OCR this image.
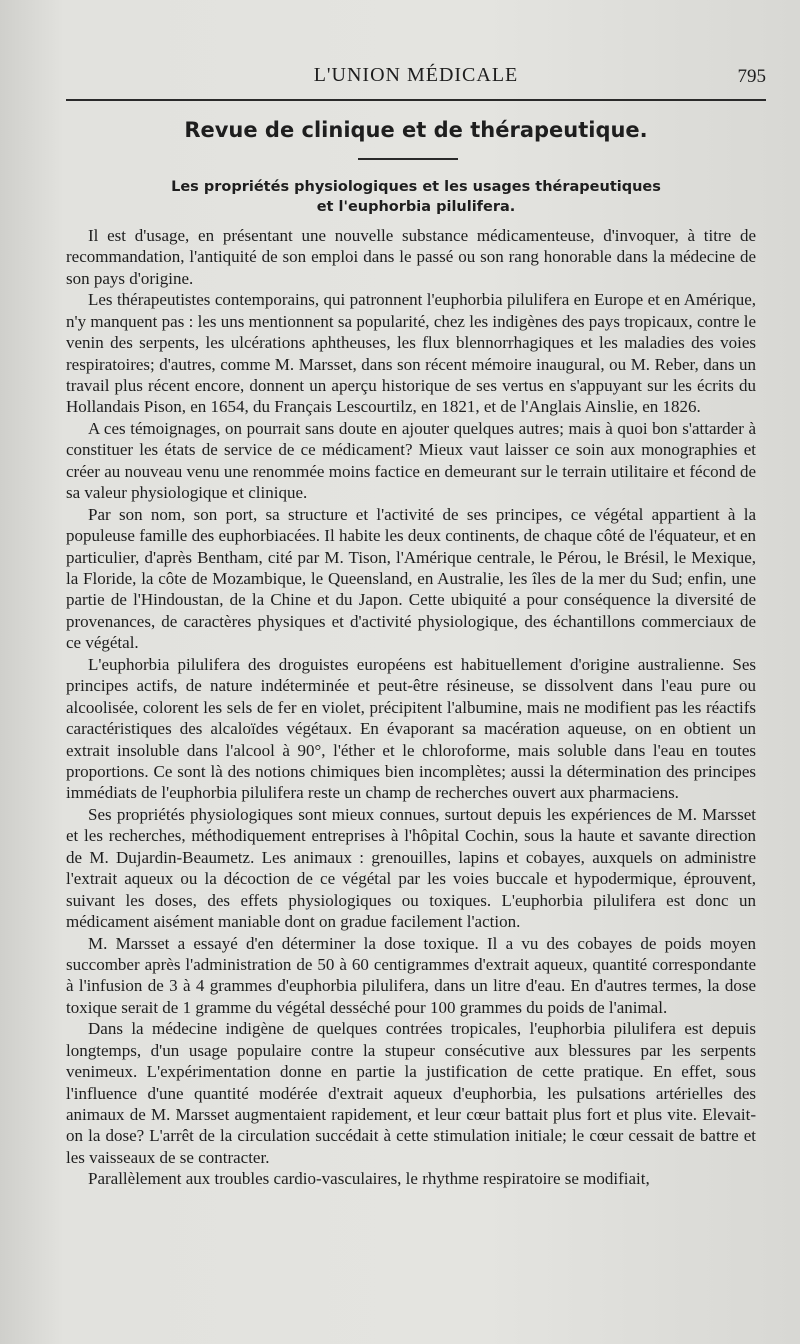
L'UNION MÉDICALE	795
Revue de clinique et de thérapeutique.
Les propriétés physiologiques et les usages thérapeutiques
et l'euphorbia pilulifera.

Il est d'usage, en présentant une nouvelle substance médicamenteuse, d'invoquer, à titre de recommandation, l'antiquité de son emploi dans le passé ou son rang honorable dans la médecine de son pays d'origine.

Les thérapeutistes contemporains, qui patronnent l'euphorbia pilulifera en Europe et en Amérique, n'y manquent pas : les uns mentionnent sa popularité, chez les indigènes des pays tropicaux, contre le venin des serpents, les ulcérations aphtheuses, les flux blennorrhagiques et les maladies des voies respiratoires; d'autres, comme M. Marsset, dans son récent mémoire inaugural, ou M. Reber, dans un travail plus récent encore, donnent un aperçu historique de ses vertus en s'appuyant sur les écrits du Hollandais Pison, en 1654, du Français Lescourtilz, en 1821, et de l'Anglais Ainslie, en 1826.

A ces témoignages, on pourrait sans doute en ajouter quelques autres; mais à quoi bon s'attarder à constituer les états de service de ce médicament? Mieux vaut laisser ce soin aux monographies et créer au nouveau venu une renommée moins factice en demeurant sur le terrain utilitaire et fécond de sa valeur physiologique et clinique.

Par son nom, son port, sa structure et l'activité de ses principes, ce végétal appartient à la populeuse famille des euphorbiacées. Il habite les deux continents, de chaque côté de l'équateur, et en particulier, d'après Bentham, cité par M. Tison, l'Amérique centrale, le Pérou, le Brésil, le Mexique, la Floride, la côte de Mozambique, le Queensland, en Australie, les îles de la mer du Sud; enfin, une partie de l'Hindoustan, de la Chine et du Japon. Cette ubiquité a pour conséquence la diversité de provenances, de caractères physiques et d'activité physiologique, des échantillons commerciaux de ce végétal.

L'euphorbia pilulifera des droguistes européens est habituellement d'origine australienne. Ses principes actifs, de nature indéterminée et peut-être résineuse, se dissolvent dans l'eau pure ou alcoolisée, colorent les sels de fer en violet, précipitent l'albumine, mais ne modifient pas les réactifs caractéristiques des alcaloïdes végétaux. En évaporant sa macération aqueuse, on en obtient un extrait insoluble dans l'alcool à 90°, l'éther et le chloroforme, mais soluble dans l'eau en toutes proportions. Ce sont là des notions chimiques bien incomplètes; aussi la détermination des principes immédiats de l'euphorbia pilulifera reste un champ de recherches ouvert aux pharmaciens.

Ses propriétés physiologiques sont mieux connues, surtout depuis les expériences de M. Marsset et les recherches, méthodiquement entreprises à l'hôpital Cochin, sous la haute et savante direction de M. Dujardin-Beaumetz. Les animaux : grenouilles, lapins et cobayes, auxquels on administre l'extrait aqueux ou la décoction de ce végétal par les voies buccale et hypodermique, éprouvent, suivant les doses, des effets physiologiques ou toxiques. L'euphorbia pilulifera est donc un médicament aisément maniable dont on gradue facilement l'action.

M. Marsset a essayé d'en déterminer la dose toxique. Il a vu des cobayes de poids moyen succomber après l'administration de 50 à 60 centigrammes d'extrait aqueux, quantité correspondante à l'infusion de 3 à 4 grammes d'euphorbia pilulifera, dans un litre d'eau. En d'autres termes, la dose toxique serait de 1 gramme du végétal desséché pour 100 grammes du poids de l'animal.

Dans la médecine indigène de quelques contrées tropicales, l'euphorbia pilulifera est depuis longtemps, d'un usage populaire contre la stupeur consécutive aux blessures par les serpents venimeux. L'expérimentation donne en partie la justification de cette pratique. En effet, sous l'influence d'une quantité modérée d'extrait aqueux d'euphorbia, les pulsations artérielles des animaux de M. Marsset augmentaient rapidement, et leur cœur battait plus fort et plus vite. Elevait-on la dose? L'arrêt de la circulation succédait à cette stimulation initiale; le cœur cessait de battre et les vaisseaux de se contracter.

Parallèlement aux troubles cardio-vasculaires, le rhythme respiratoire se modifiait,
